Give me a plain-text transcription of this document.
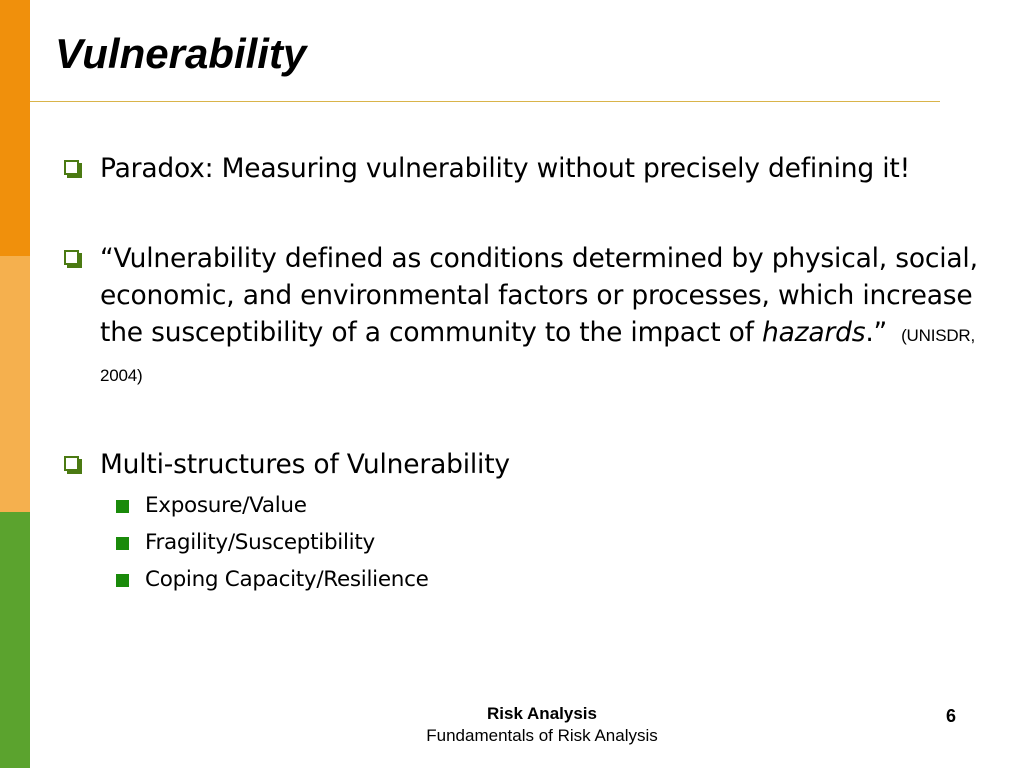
Vulnerability
Paradox: Measuring vulnerability without precisely defining it!
“Vulnerability defined as conditions determined by physical, social, economic, and environmental factors or processes, which increase the susceptibility of a community to the impact of hazards.” (UNISDR, 2004)
Multi-structures of Vulnerability
Exposure/Value
Fragility/Susceptibility
Coping Capacity/Resilience
Risk Analysis
Fundamentals of Risk Analysis
6
